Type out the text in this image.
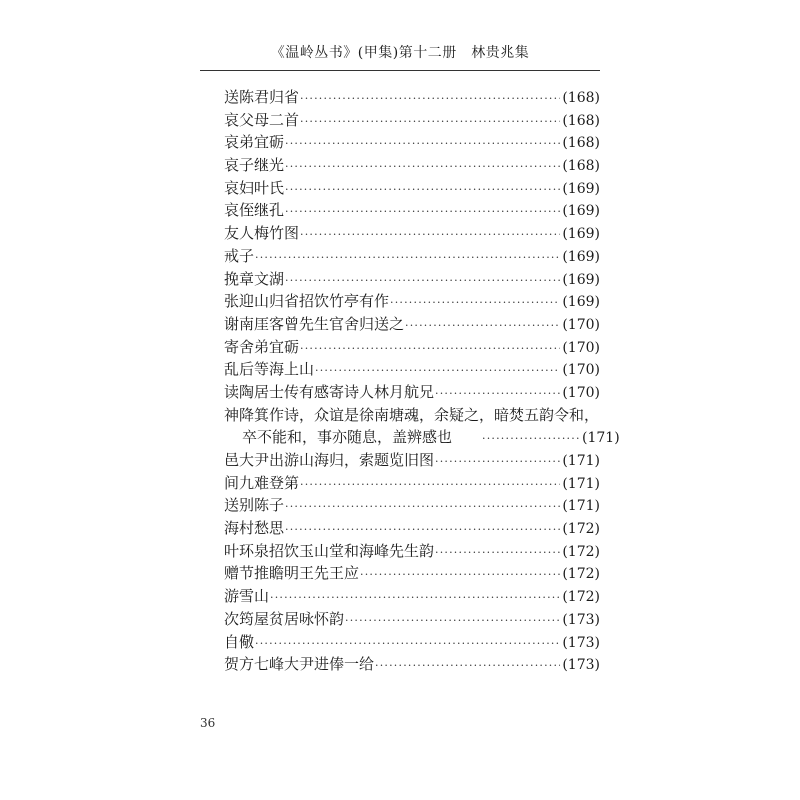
《温岭丛书》(甲集)第十二册　林贵兆集
送陈君归省 ·····	(168)
哀父母二首 ·····	(168)
哀弟宜砺 ·····	(168)
哀子继光 ·····	(168)
哀妇叶氏 ·····	(169)
哀侄继孔 ·····	(169)
友人梅竹图 ·····	(169)
戒子 ·····	(169)
挽章文湖 ·····	(169)
张迎山归省招饮竹亭有作 ·····	(169)
谢南厓客曾先生官舍归送之 ·····	(170)
寄舍弟宜砺 ·····	(170)
乱后等海上山 ·····	(170)
读陶居士传有感寄诗人林月航兄 ·····	(170)
神降箕作诗，众谊是徐南塘魂，余疑之，暗焚五韵令和，
卒不能和，事亦随息，盖辨感也 ·····	(171)
邑大尹出游山海归，索题览旧图 ·····	(171)
间九难登第 ·····	(171)
送别陈子 ·····	(171)
海村愁思 ·····	(172)
叶环泉招饮玉山堂和海峰先生韵 ·····	(172)
赠节推瞻明王先王应 ·····	(172)
游雪山 ·····	(172)
次筠屋贫居咏怀韵 ·····	(173)
自儆 ·····	(173)
贺方七峰大尹进俸一给 ·····	(173)
36
